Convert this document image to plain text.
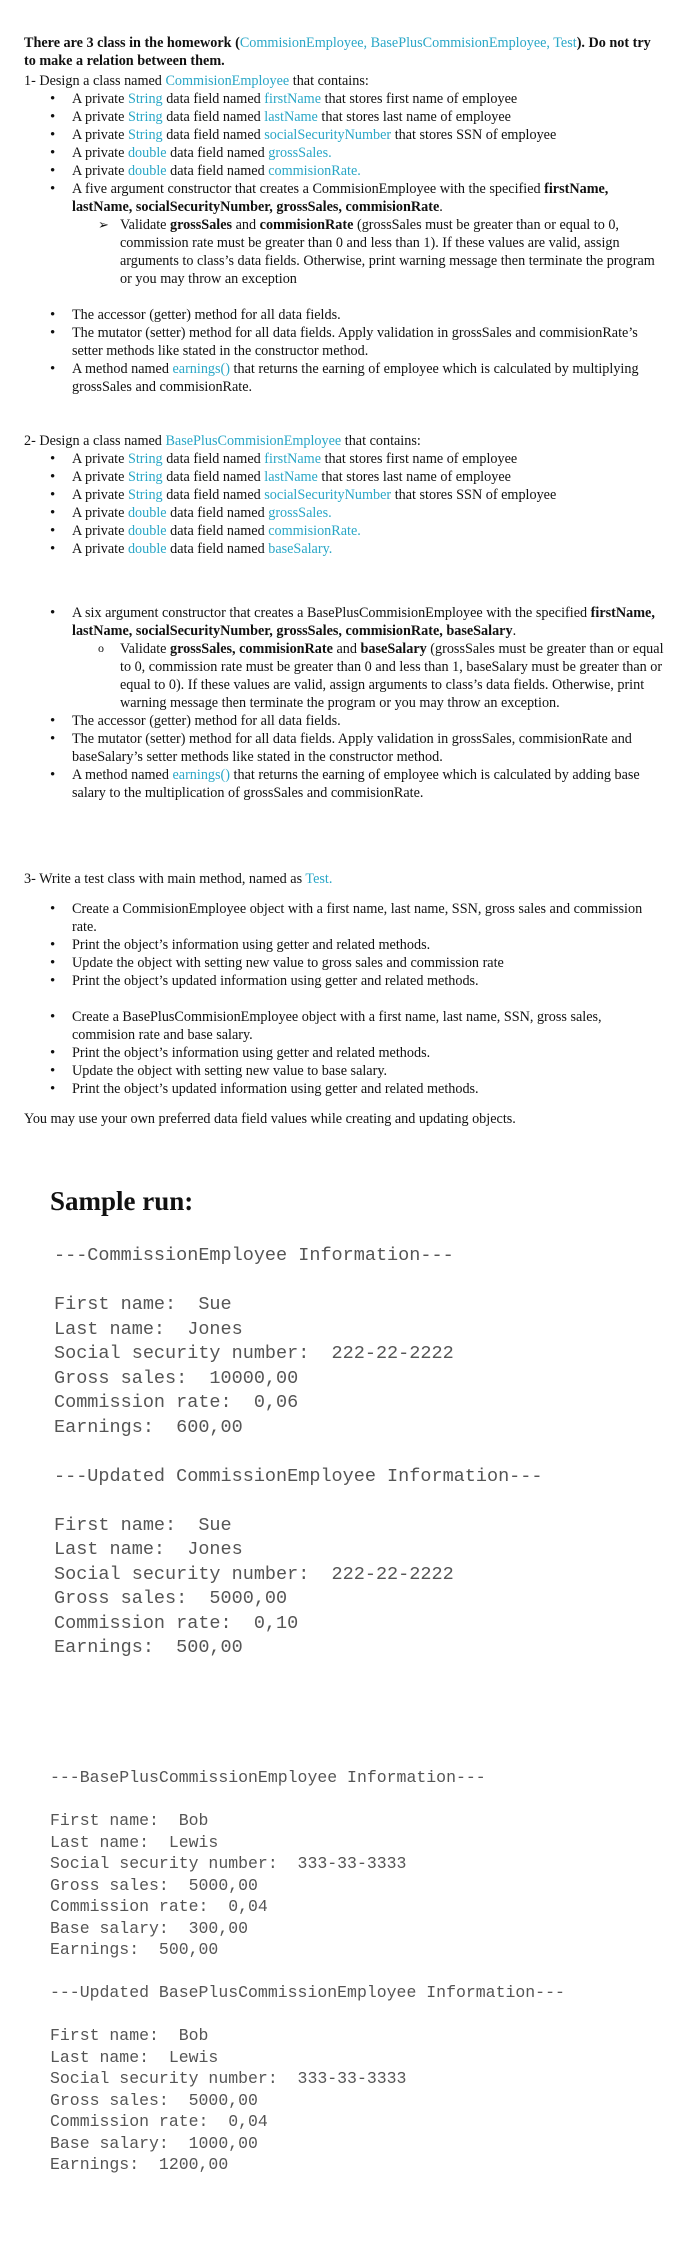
There are 3 class in the homework (CommisionEmployee, BasePlusCommisionEmployee, Test). Do not try to make a relation between them.
1- Design a class named CommisionEmployee that contains:
• A private String data field named firstName that stores first name of employee
• A private String data field named lastName that stores last name of employee
• A private String data field named socialSecurityNumber that stores SSN of employee
• A private double data field named grossSales.
• A private double data field named commisionRate.
• A five argument constructor that creates a CommisionEmployee with the specified firstName, lastName, socialSecurityNumber, grossSales, commisionRate.
➢ Validate grossSales and commisionRate (grossSales must be greater than or equal to 0, commission rate must be greater than 0 and less than 1). If these values are valid, assign arguments to class’s data fields. Otherwise, print warning message then terminate the program or you may throw an exception
• The accessor (getter) method for all data fields.
• The mutator (setter) method for all data fields. Apply validation in grossSales and commisionRate’s setter methods like stated in the constructor method.
• A method named earnings() that returns the earning of employee which is calculated by multiplying grossSales and commisionRate.
2- Design a class named BasePlusCommisionEmployee that contains:
• A private String data field named firstName that stores first name of employee
• A private String data field named lastName that stores last name of employee
• A private String data field named socialSecurityNumber that stores SSN of employee
• A private double data field named grossSales.
• A private double data field named commisionRate.
• A private double data field named baseSalary.
• A six argument constructor that creates a BasePlusCommisionEmployee with the specified firstName, lastName, socialSecurityNumber, grossSales, commisionRate, baseSalary.
o Validate grossSales, commisionRate and baseSalary (grossSales must be greater than or equal to 0, commission rate must be greater than 0 and less than 1, baseSalary must be greater than or equal to 0). If these values are valid, assign arguments to class’s data fields. Otherwise, print warning message then terminate the program or you may throw an exception.
• The accessor (getter) method for all data fields.
• The mutator (setter) method for all data fields. Apply validation in grossSales, commisionRate and baseSalary’s setter methods like stated in the constructor method.
• A method named earnings() that returns the earning of employee which is calculated by adding base salary to the multiplication of grossSales and commisionRate.
3- Write a test class with main method, named as Test.
• Create a CommisionEmployee object with a first name, last name, SSN, gross sales and commission rate.
• Print the object’s information using getter and related methods.
• Update the object with setting new value to gross sales and commission rate
• Print the object’s updated information using getter and related methods.
• Create a BasePlusCommisionEmployee object with a first name, last name, SSN, gross sales, commision rate and base salary.
• Print the object’s information using getter and related methods.
• Update the object with setting new value to base salary.
• Print the object’s updated information using getter and related methods.
You may use your own preferred data field values while creating and updating objects.
Sample run:
---CommissionEmployee Information---

First name:  Sue
Last name:  Jones
Social security number:  222-22-2222
Gross sales:  10000,00
Commission rate:  0,06
Earnings:  600,00

---Updated CommissionEmployee Information---

First name:  Sue
Last name:  Jones
Social security number:  222-22-2222
Gross sales:  5000,00
Commission rate:  0,10
Earnings:  500,00
---BasePlusCommissionEmployee Information---

First name:  Bob
Last name:  Lewis
Social security number:  333-33-3333
Gross sales:  5000,00
Commission rate:  0,04
Base salary:  300,00
Earnings:  500,00

---Updated BasePlusCommissionEmployee Information---

First name:  Bob
Last name:  Lewis
Social security number:  333-33-3333
Gross sales:  5000,00
Commission rate:  0,04
Base salary:  1000,00
Earnings:  1200,00
